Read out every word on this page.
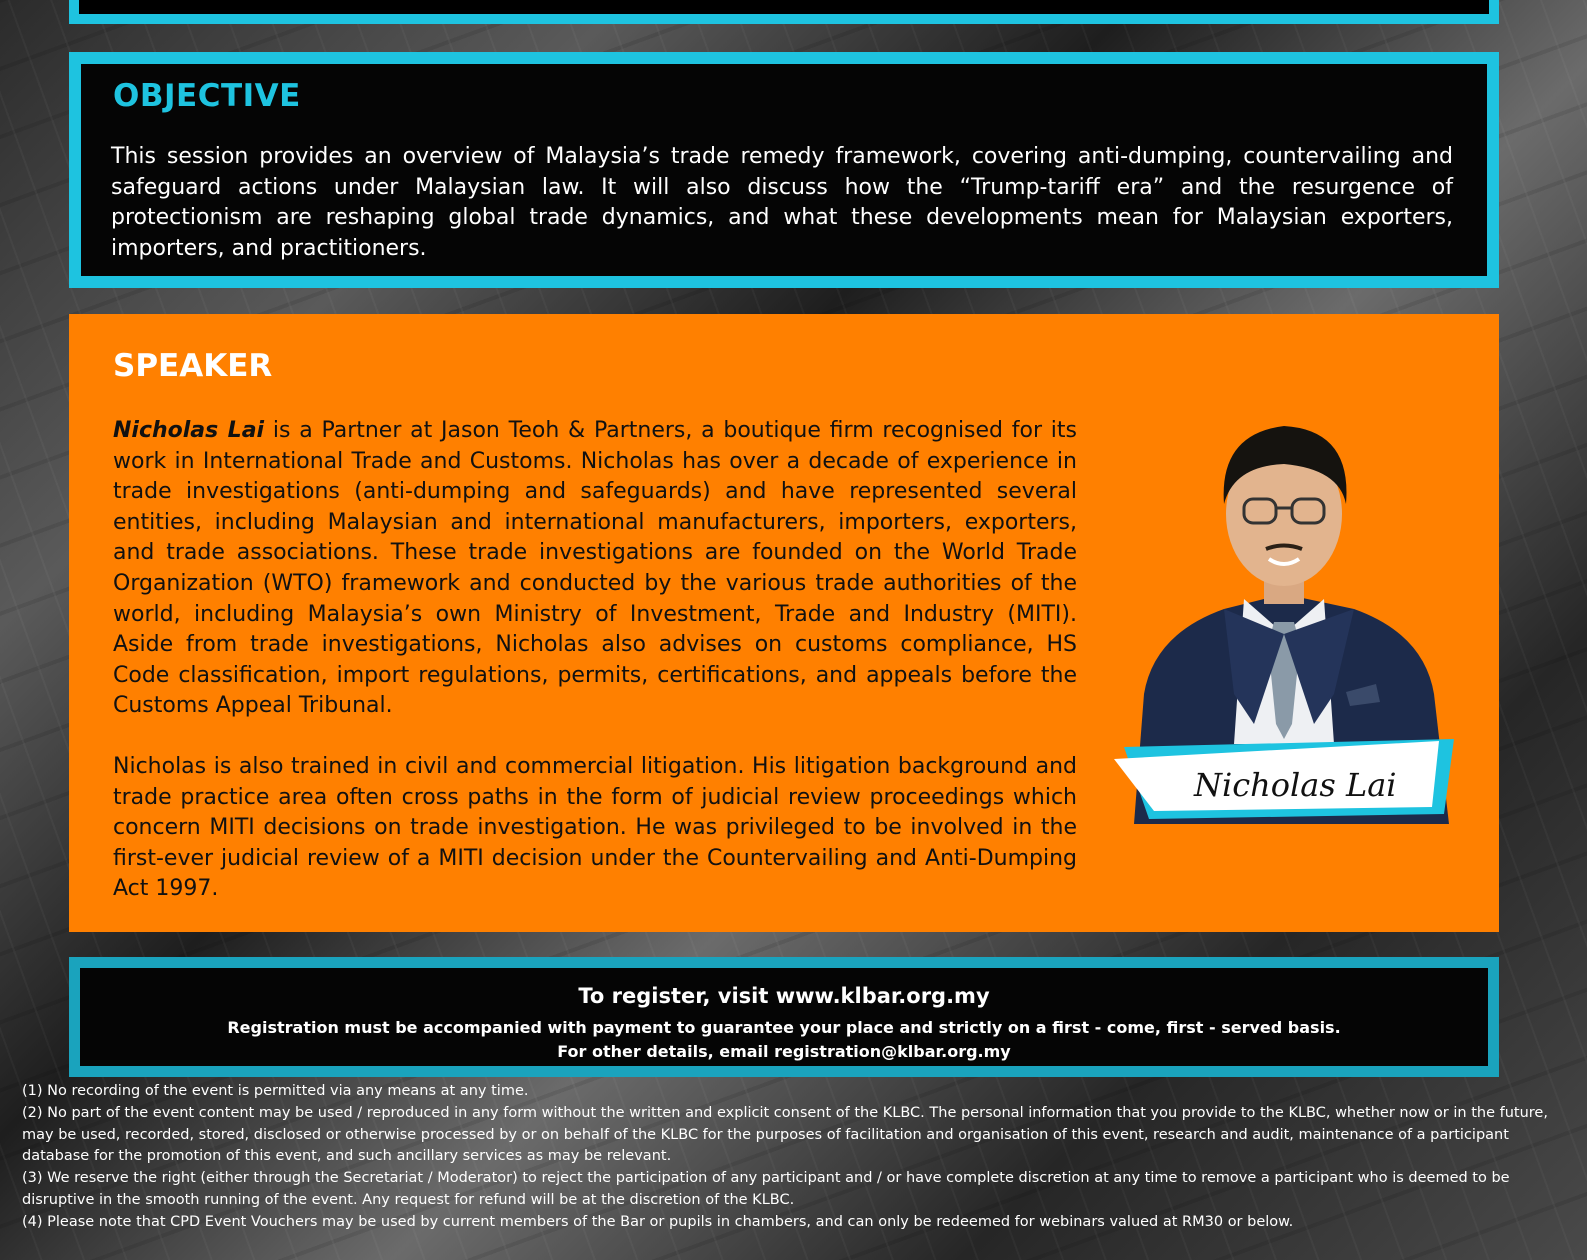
OBJECTIVE

This session provides an overview of Malaysia’s trade remedy framework, covering anti-dumping, countervailing and safeguard actions under Malaysian law. It will also discuss how the “Trump-tariff era” and the resurgence of protectionism are reshaping global trade dynamics, and what these developments mean for Malaysian exporters, importers, and practitioners.

SPEAKER

Nicholas Lai is a Partner at Jason Teoh & Partners, a boutique firm recognised for its work in International Trade and Customs. Nicholas has over a decade of experience in trade investigations (anti-dumping and safeguards) and have represented several entities, including Malaysian and international manufacturers, importers, exporters, and trade associations. These trade investigations are founded on the World Trade Organization (WTO) framework and conducted by the various trade authorities of the world, including Malaysia’s own Ministry of Investment, Trade and Industry (MITI). Aside from trade investigations, Nicholas also advises on customs compliance, HS Code classification, import regulations, permits, certifications, and appeals before the Customs Appeal Tribunal.

Nicholas is also trained in civil and commercial litigation. His litigation background and trade practice area often cross paths in the form of judicial review proceedings which concern MITI decisions on trade investigation. He was privileged to be involved in the first-ever judicial review of a MITI decision under the Countervailing and Anti-Dumping Act 1997.

Nicholas Lai
To register, visit www.klbar.org.my
Registration must be accompanied with payment to guarantee your place and strictly on a first - come, first - served basis.
For other details, email registration@klbar.org.my
(1) No recording of the event is permitted via any means at any time.
(2) No part of the event content may be used / reproduced in any form without the written and explicit consent of the KLBC. The personal information that you provide to the KLBC, whether now or in the future, may be used, recorded, stored, disclosed or otherwise processed by or on behalf of the KLBC for the purposes of facilitation and organisation of this event, research and audit, maintenance of a participant database for the promotion of this event, and such ancillary services as may be relevant.
(3) We reserve the right (either through the Secretariat / Moderator) to reject the participation of any participant and / or have complete discretion at any time to remove a participant who is deemed to be disruptive in the smooth running of the event. Any request for refund will be at the discretion of the KLBC.
(4) Please note that CPD Event Vouchers may be used by current members of the Bar or pupils in chambers, and can only be redeemed for webinars valued at RM30 or below.
